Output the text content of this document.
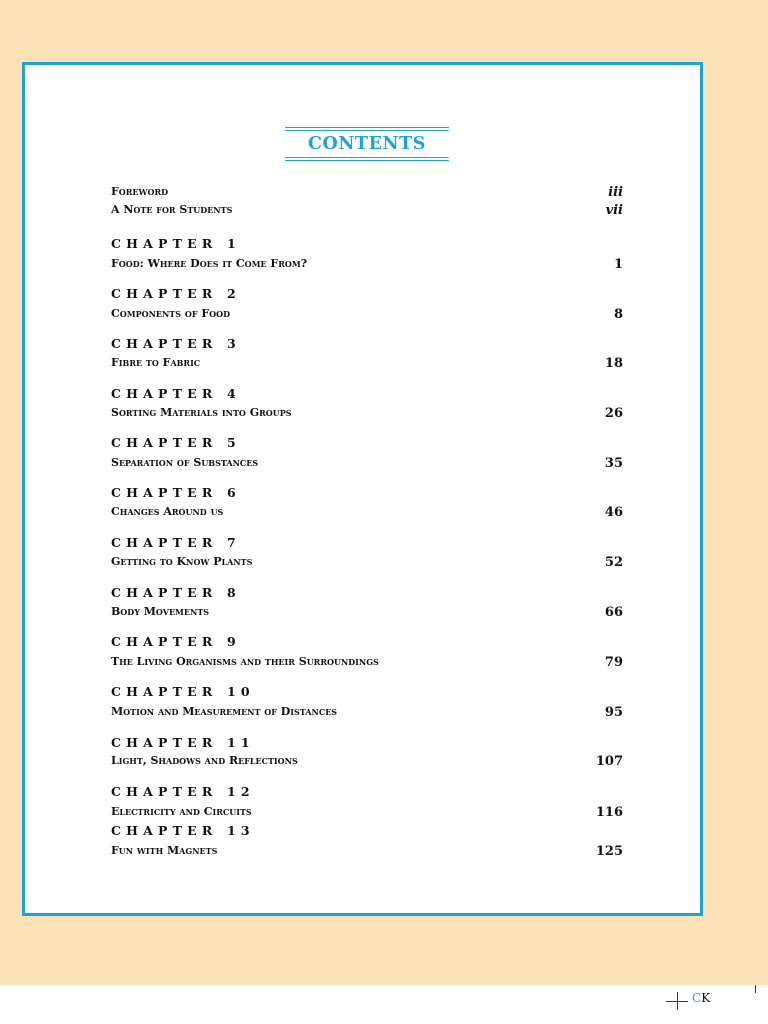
CONTENTS
Foreword	iii
A Note for Students	vii
CHAPTER 1
Food: Where Does it Come From?	1
CHAPTER 2
Components of Food	8
CHAPTER 3
Fibre to Fabric	18
CHAPTER 4
Sorting Materials into Groups	26
CHAPTER 5
Separation of Substances	35
CHAPTER 6
Changes Around us	46
CHAPTER 7
Getting to Know Plants	52
CHAPTER 8
Body Movements	66
CHAPTER 9
The Living Organisms and their Surroundings	79
CHAPTER 10
Motion and Measurement of Distances	95
CHAPTER 11
Light, Shadows and Reflections	107
CHAPTER 12
Electricity and Circuits	116
CHAPTER 13
Fun with Magnets	125
CK
